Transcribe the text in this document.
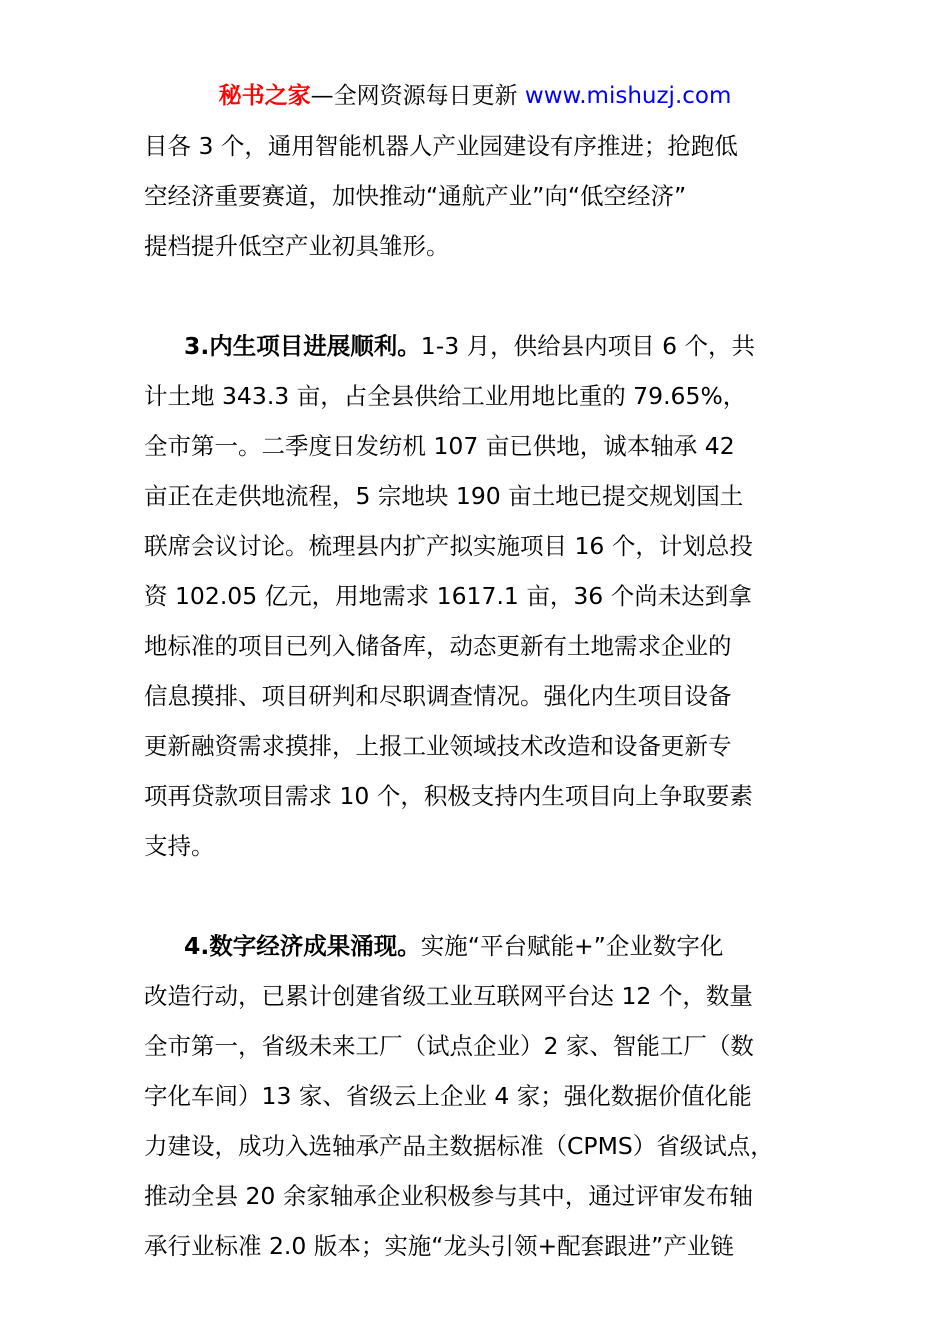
秘书之家—全网资源每日更新 www.mishuzj.com
目各 3 个，通用智能机器人产业园建设有序推进；抢跑低
空经济重要赛道，加快推动“通航产业”向“低空经济”
提档提升低空产业初具雏形。
3.内生项目进展顺利。1-3 月，供给县内项目 6 个，共
计土地 343.3 亩，占全县供给工业用地比重的 79.65%，
全市第一。二季度日发纺机 107 亩已供地，诚本轴承 42
亩正在走供地流程，5 宗地块 190 亩土地已提交规划国土
联席会议讨论。梳理县内扩产拟实施项目 16 个，计划总投
资 102.05 亿元，用地需求 1617.1 亩，36 个尚未达到拿
地标准的项目已列入储备库，动态更新有土地需求企业的
信息摸排、项目研判和尽职调查情况。强化内生项目设备
更新融资需求摸排，上报工业领域技术改造和设备更新专
项再贷款项目需求 10 个，积极支持内生项目向上争取要素
支持。
4.数字经济成果涌现。实施“平台赋能+”企业数字化
改造行动，已累计创建省级工业互联网平台达 12 个，数量
全市第一，省级未来工厂（试点企业）2 家、智能工厂（数
字化车间）13 家、省级云上企业 4 家；强化数据价值化能
力建设，成功入选轴承产品主数据标准（CPMS）省级试点，
推动全县 20 余家轴承企业积极参与其中，通过评审发布轴
承行业标准 2.0 版本；实施“龙头引领+配套跟进”产业链
